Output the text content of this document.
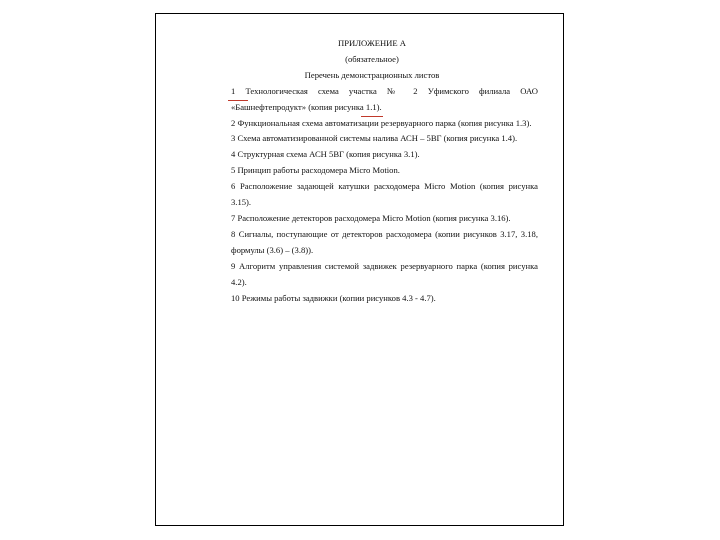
ПРИЛОЖЕНИЕ А
(обязательное)
Перечень демонстрационных листов
1 Технологическая схема участка № 2 Уфимского филиала ОАО «Башнефтепродукт» (копия рисунка 1.1).
2 Функциональная схема автоматизации резервуарного парка (копия рисунка 1.3).
3 Схема автоматизированной системы налива АСН – 5ВГ (копия рисунка 1.4).
4 Структурная схема АСН 5ВГ (копия рисунка 3.1).
5 Принцип работы расходомера Micro Motion.
6 Расположение задающей катушки расходомера Micro Motion (копия рисунка 3.15).
7 Расположение детекторов расходомера Micro Motion (копия рисунка 3.16).
8 Сигналы, поступающие от детекторов расходомера (копии рисунков 3.17, 3.18, формулы (3.6) – (3.8)).
9 Алгоритм управления системой задвижек резервуарного парка (копия рисунка 4.2).
10 Режимы работы задвижки (копии рисунков 4.3 - 4.7).
